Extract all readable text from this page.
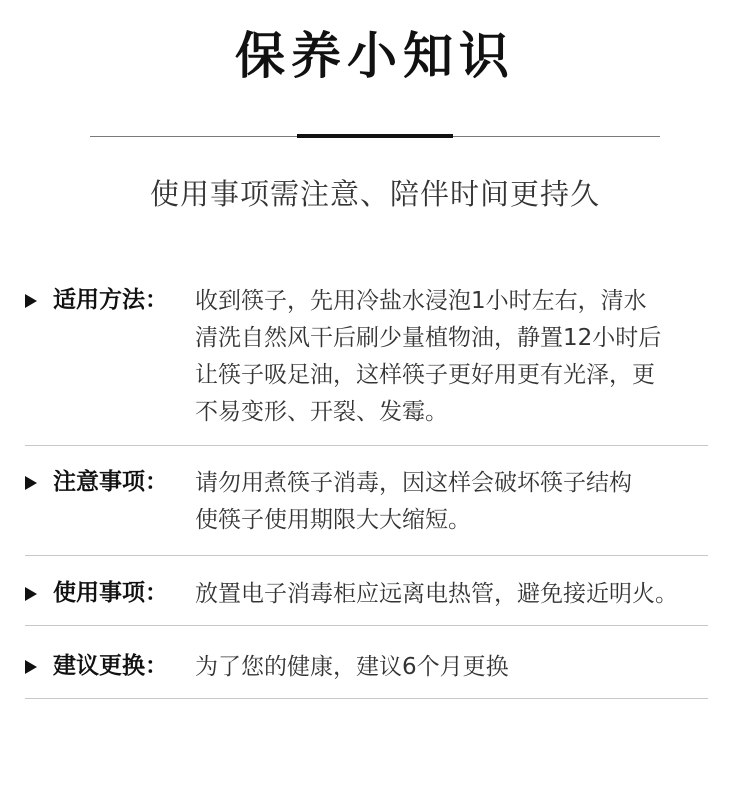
保养小知识
使用事项需注意、陪伴时间更持久
适用方法： 收到筷子，先用冷盐水浸泡1小时左右，清水
清洗自然风干后刷少量植物油，静置12小时后
让筷子吸足油，这样筷子更好用更有光泽，更
不易变形、开裂、发霉。
注意事项： 请勿用煮筷子消毒，因这样会破坏筷子结构
使筷子使用期限大大缩短。
使用事项： 放置电子消毒柜应远离电热管，避免接近明火。
建议更换： 为了您的健康，建议6个月更换
